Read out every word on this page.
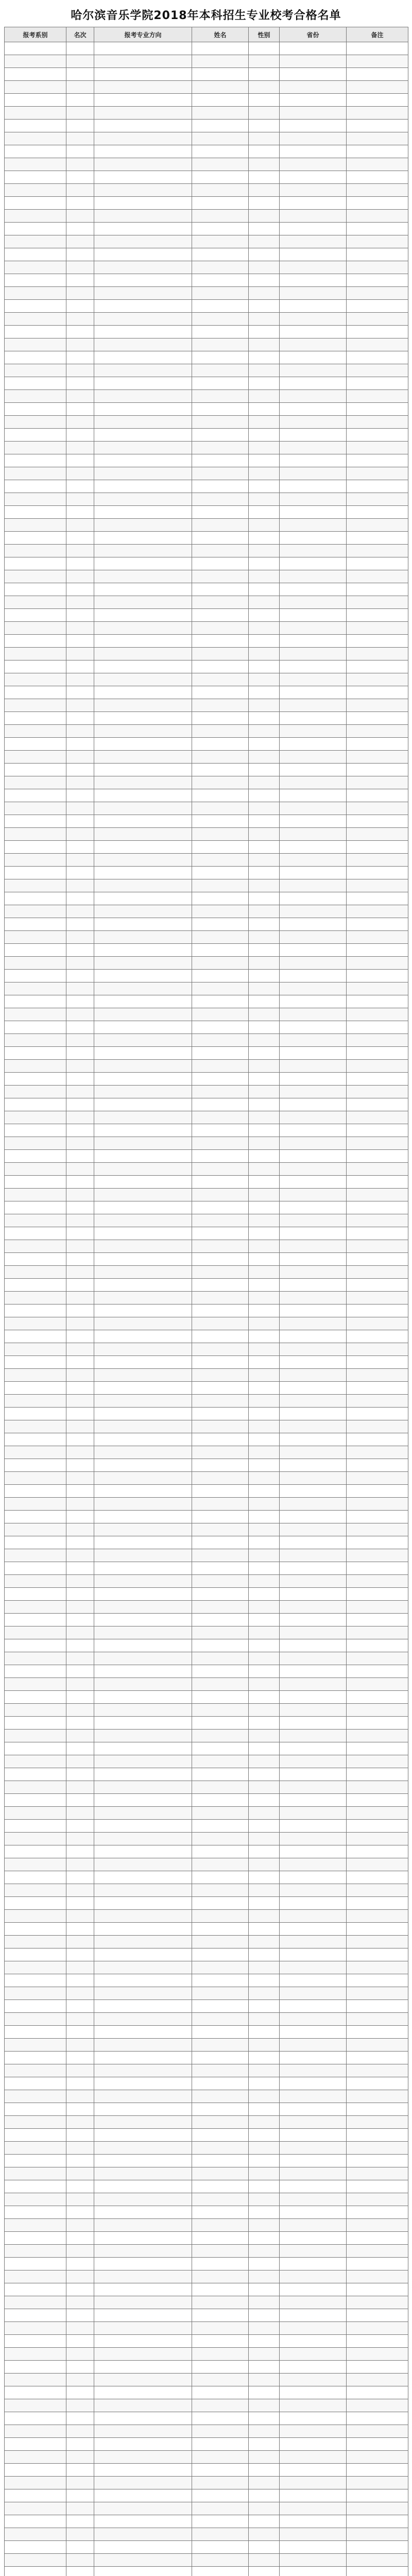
哈尔滨音乐学院2018年本科招生专业校考合格名单
报考系别	名次	报考专业方向	姓名	性别	省份	备注
